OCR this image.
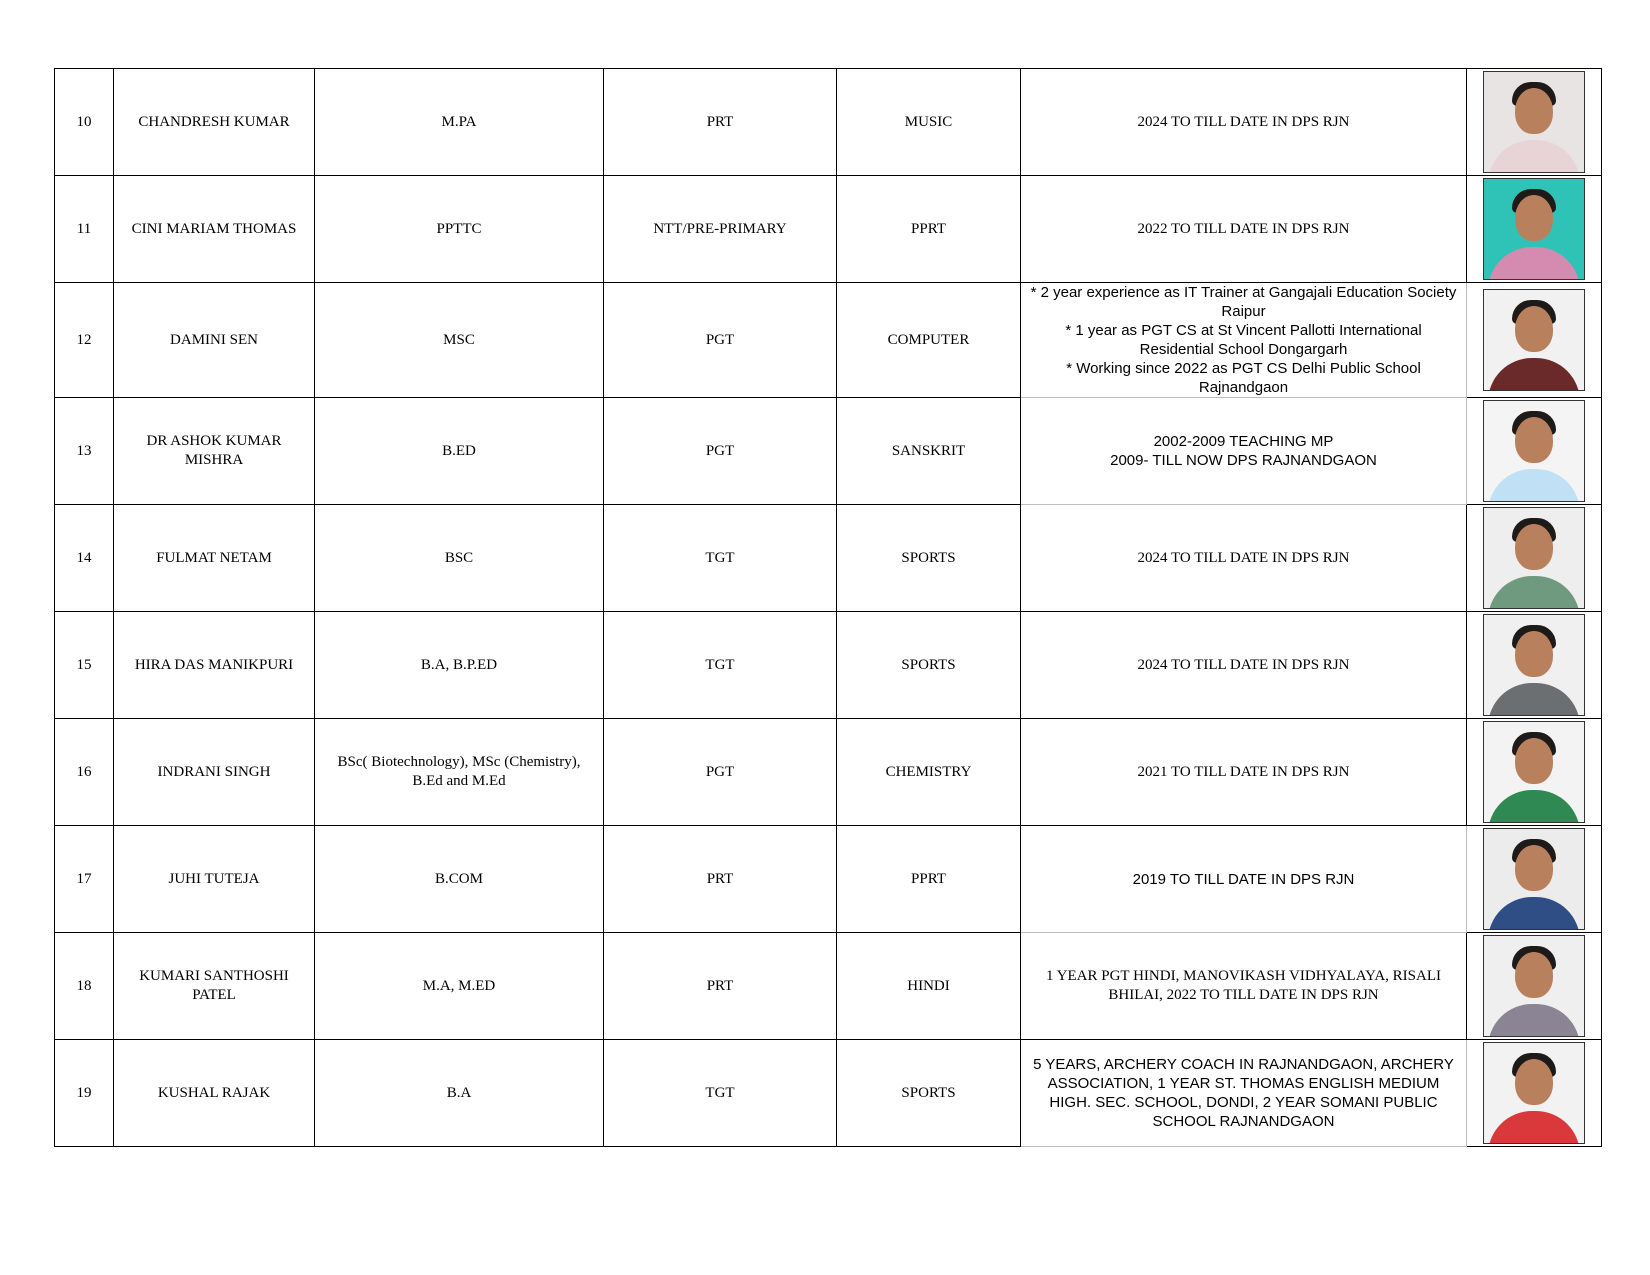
10	CHANDRESH KUMAR	M.PA	PRT	MUSIC	2024 TO TILL DATE IN DPS RJN	

11	CINI MARIAM THOMAS	PPTTC	NTT/PRE-PRIMARY	PPRT	2022 TO TILL DATE IN DPS RJN	

12	DAMINI SEN	MSC	PGT	COMPUTER	* 2 year experience as IT Trainer at Gangajali Education Society Raipur
* 1 year as PGT CS at St Vincent Pallotti International Residential School Dongargarh
* Working since 2022 as PGT CS Delhi Public School Rajnandgaon	

13	DR ASHOK KUMAR MISHRA	B.ED	PGT	SANSKRIT	2002-2009 TEACHING MP
2009- TILL NOW DPS RAJNANDGAON	

14	FULMAT NETAM	BSC	TGT	SPORTS	2024 TO TILL DATE IN DPS RJN	

15	HIRA DAS MANIKPURI	B.A, B.P.ED	TGT	SPORTS	2024 TO TILL DATE IN DPS RJN	

16	INDRANI SINGH	BSc( Biotechnology), MSc (Chemistry), B.Ed and M.Ed	PGT	CHEMISTRY	2021 TO TILL DATE IN DPS RJN	

17	JUHI TUTEJA	B.COM	PRT	PPRT	2019 TO TILL DATE IN DPS RJN	

18	KUMARI SANTHOSHI PATEL	M.A, M.ED	PRT	HINDI	1 YEAR PGT HINDI, MANOVIKASH VIDHYALAYA, RISALI BHILAI, 2022 TO TILL DATE IN DPS RJN	

19	KUSHAL RAJAK	B.A	TGT	SPORTS	5 YEARS, ARCHERY COACH IN RAJNANDGAON, ARCHERY ASSOCIATION, 1 YEAR ST. THOMAS ENGLISH MEDIUM HIGH. SEC. SCHOOL, DONDI, 2 YEAR SOMANI PUBLIC SCHOOL RAJNANDGAON	
